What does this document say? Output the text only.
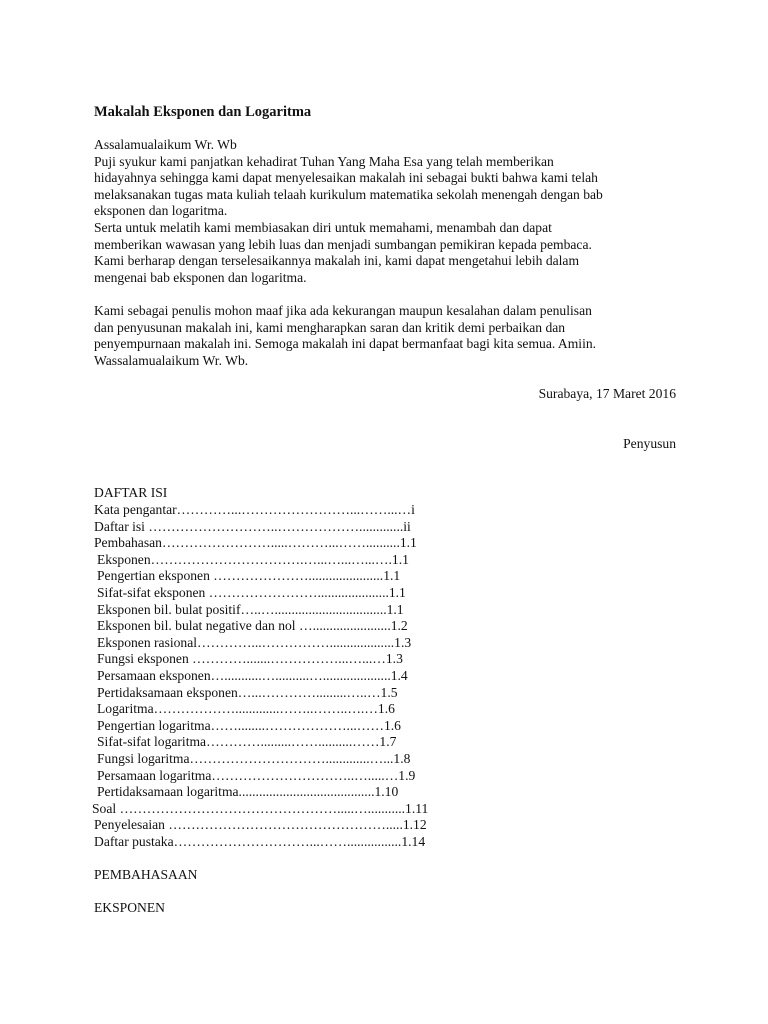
Makalah Eksponen dan Logaritma

Assalamualaikum Wr. Wb

Puji syukur kami panjatkan kehadirat Tuhan Yang Maha Esa yang telah memberikan

hidayahnya sehingga kami dapat menyelesaikan makalah ini sebagai bukti bahwa kami telah

melaksanakan tugas mata kuliah telaah kurikulum matematika sekolah menengah dengan bab

eksponen dan logaritma.

Serta untuk melatih kami membiasakan diri untuk memahami, menambah dan dapat

memberikan wawasan yang lebih luas dan menjadi sumbangan pemikiran kepada pembaca.

Kami berharap dengan terselesaikannya makalah ini, kami dapat mengetahui lebih dalam

mengenai bab eksponen dan logaritma.

Kami sebagai penulis mohon maaf jika ada kekurangan maupun kesalahan dalam penulisan

dan penyusunan makalah ini, kami mengharapkan saran dan kritik demi perbaikan dan

penyempurnaan makalah ini. Semoga makalah ini dapat bermanfaat bagi kita semua. Amiin.

Wassalamualaikum Wr. Wb.

Surabaya, 17 Maret 2016
Penyusun

DAFTAR ISI

Kata pengantar…………...……………………...……...…i

Daftar isi ………………………..……………….............ii

Pembahasan…………………….....………...……..........1.1

Eksponen…………………………….…...…...…...….1.1

Pengertian eksponen …………………......................1.1

Sifat-sifat eksponen …………………….....................1.1

Eksponen bil. bulat positif…..….................................1.1

Eksponen bil. bulat negative dan nol ….......................1.2

Eksponen rasional…………...……………...................1.3

Fungsi eksponen ………….......……………...…...…1.3

Persamaan eksponen…...........…..........…....................1.4

Pertidaksamaan eksponen…...………….........…..…1.5

Logaritma……………….............……..……..….…1.6

Pengertian logaritma……........………………...……1.6

Sifat-sifat logaritma………….........……..........……1.7

Fungsi logaritma………………………….............…...1.8

Persamaan logaritma…………………………..….....…1.9

Pertidaksamaan logaritma........................................1.10

Soal ………………………………………….....…...........1.11

Penyelesaian ………………………………………….....1.12

Daftar pustaka…………………………...……................1.14

PEMBAHASAAN

EKSPONEN
